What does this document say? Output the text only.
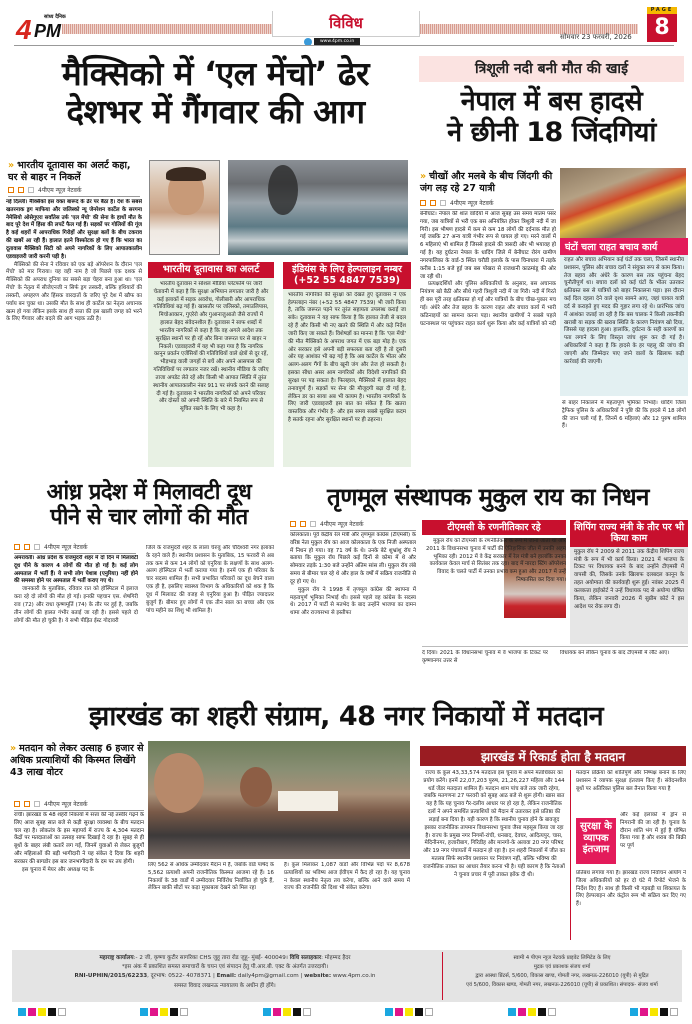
सांध्य दैनिक
4 PM	विविध
www.4pm.co.in
सोमवार 23 फरवरी, 2026
PAGE
8
मैक्सिको में ‘एल मेंचो’ ढेर
देशभर में गैंगवार की आग
» भारतीय दूतावास का अलर्ट कहा, घर से बाहर न निकलें
4पीएम न्यूज़ नेटवर्क

नई दिल्ली। मैक्सिको इस वक्त बारूद के ढेर पर बैठा है। देश के सबसे खतरनाक ड्रग माफिया और जलिस्को न्यू जेनरेशन कार्टेल के सरगना नेमेसियो ओसेगुएरा सर्वांतेस उर्फ 'एल मेंचो' की सेना के हाथों मौत के बाद पूरे देश में हिंसा की लपटें फैल गई हैं। सड़कों पर गोलियों की गूंज है कई शहरों में आपराधिक गिरोहों और सुरक्षा बलों के बीच टकराव की खबरें आ रही हैं। हालात इतने विस्फोटक हो गए हैं कि भारत का दूतावास मैक्सिको सिटी को अपने नागरिकों के लिए आपातकालीन एडवाइजरी जारी करनी पड़ी है।

मैक्सिको की सेना ने रविवार को एक बड़े ऑपरेशन के दौरान 'एल मेंचो' को मार गिराया। यह वही नाम है जो पिछले एक दशक से मैक्सिको की अपराध दुनिया का सबसे बड़ा चेहरा बना हुआ था। 'एल मेंचो' के नेतृत्व में सीजेएनजी न सिर्फ ड्रग तस्करी, बल्कि हथियारों की तस्करी, अपहरण और हिंसक वारदातों के जरिए पूरे देश में खौफ का पर्याय बन चुका था। उसकी मौत के साथ ही कार्टेल का नेतृत्व अचानक खत्म हो गया लेकिन इसके साथ ही सत्ता की इस खाली जगह को भरने के लिए गैंगवार और बदले की आग भड़क उठी है।

भारतीय दूतावास का अलर्ट
भारतीय दूतावास ने सोशल मीडिया प्लेटफॉर्म पर जारी चेतावनी में कहा है कि सुरक्षा अभियान लगातार जारी है और कई इलाकों में सड़क अवरोध, गोलीबारी और आपराधिक गतिविधियां बढ़ गई हैं। खासतौर पर जलिस्को, तमाउलिपास, मिचोआकान, गुएरेरो और गुआनाजुआतो जैसे राज्यों में हालात बेहद संवेदनशील हैं। दूतावास ने साफ शब्दों में भारतीय नागरिकों से कहा है कि वह अगले आदेश तक सुरक्षित स्थानों पर ही रहें और बिना जरूरत घर से बाहर न निकलें। एडवाइजरी में यह भी कहा गया है कि नागरिक कानून प्रवर्तन एजेंसियों की गतिविधियों वाले क्षेत्रों से दूर रहें, भीड़भाड़ वाली जगहों से बचें और अपने आसपास की गतिविधियों पर लगातार नजर रखें। स्थानीय मीडिया के जरिए ताजा अपडेट लेते रहें और किसी भी आपात स्थिति में तुरंत स्थानीय आपातकालीन नंबर 911 पर संपर्क करने की सलाह दी गई है। दूतावास ने भारतीय नागरिकों को अपने परिवार और दोस्तों को अपनी स्थिति के बारे में नियमित रूप से सूचित रखने के लिए भी कहा है।
इंडियंस के लिए हेल्पलाइन नम्बर (+52 55 4847 7539)
भारतीय नागरिकों की सुरक्षा को देखते हुए दूतावास ने एक हेल्पलाइन नंबर (+52 55 4847 7539) भी जारी किया है, ताकि जरूरत पड़ने पर तुरंत सहायता उपलब्ध कराई जा सके। दूतावास ने यह साफ किया है कि हालात तेजी से बदल रहे हैं और किसी भी नए खतरे की स्थिति में और कड़े निर्देश जारी किए जा सकते हैं। विशेषज्ञों का मानना है कि 'एल मेंचो' की मौत मैक्सिको के अपराध जगत में एक बड़ा मोड़ है। एक ओर सरकार इसे अपनी बड़ी सफलता बता रही है तो दूसरी ओर यह आशंका भी बढ़ गई है कि अब कार्टेल के भीतर और अलग-अलग गैंगों के बीच खूनी जंग और तेज हो सकती है। इसका सीधा असर आम नागरिकों और विदेशी नागरिकों की सुरक्षा पर पड़ सकता है। फिलहाल, मैक्सिको में हालात बेहद तनावपूर्ण हैं। सड़कों पर सेना की मौजूदगी बढ़ा दी गई है, लेकिन डर का साया अब भी कायम है। भारतीय नागरिकों के लिए जारी एडवाइजरी इस बात का संकेत है कि खतरा वास्तविक और गंभीर है- और इस समय सबसे सुरक्षित कदम है सतर्क रहना और सुरक्षित स्थानों पर ही ठहरना।
त्रिशूली नदी बनी मौत की खाई
नेपाल में बस हादसे
ने छीनी 18 जिंदगियां
» चीखों और मलबे के बीच जिंदगी की जंग लड़ रहे 27 यात्री
4पीएम न्यूज़ नेटवर्क

बेनीघाट। नेपाल की शांत वादियों में आज सुबह उस समय मातम पसर गया, जब यात्रियों से भरी एक बस अनियंत्रित होकर त्रिशूली नदी में जा गिरी। इस भीषण हादसे में कम से कम 18 लोगों की दर्दनाक मौत हो गई जबकि 27 अन्य यात्री गंभीर रूप से घायल हो गए। मरने वालों में 6 महिलाएं भी शामिल हैं जिससे हादसे की त्रासदी और भी भयावह हो गई है। यह दुर्घटना नेपाल के धादिंग जिले में बेनीघाट रोरंग ग्रामीण नगरपालिका के वार्ड-3 स्थित चरौडी इलाके के पास चिनाधारा में तड़के करीब 1:15 बजे हुई जब बस पोखरा से राजधानी काठमांडू की ओर जा रही थी।

प्रत्यक्षदर्शियों और पुलिस अधिकारियों के अनुसार, बस अचानक नियंत्रण खो बैठी और सीधे गहरी त्रिशूली नदी में जा गिरी। नदी में गिरते ही बस पूरी तरह क्षतिग्रस्त हो गई और यात्रियों के बीच चीख-पुकार मच गई। अंधेरे और तेज बहाव के कारण राहत और बचाव कार्य में भारी कठिनाइयों का सामना करना पड़ा। स्थानीय ग्रामीणों ने सबसे पहले घटनास्थल पर पहुंचकर राहत कार्य शुरू किया और कई यात्रियों को नदी

घंटों चला राहत बचाव कार्य
राहत और बचाव अभियान कई घंटों तक चला, जिसमें स्थानीय प्रशासन, पुलिस और बचाव दलों ने संयुक्त रूप से काम किया। तेज बहाव और अंधेरे के कारण बस तक पहुंचना बेहद चुनौतीपूर्ण था। बचाव दलों को कई घंटों के भीतर उतरकर क्षतिग्रस्त बस से यात्रियों को बाहर निकालना पड़ा। इस दौरान कई दिल दहला देने वाले दृश्य सामने आए, जहां घायल यात्री दर्द से कराहते हुए मदद की गुहार लगा रहे थे। प्रारंभिक जांच में आशंका जताई जा रही है कि बस चालक ने किसी तकनीकी खराबी या सड़क की खराब स्थिति के कारण नियंत्रण खो दिया, जिससे यह हादसा हुआ। हालांकि, दुर्घटना के सही कारणों का पता लगाने के लिए विस्तृत जांच शुरू कर दी गई है। अधिकारियों ने कहा है कि हादसे के हर पहलू की जांच की जाएगी और जिम्मेदार पाए जाने वालों के खिलाफ कड़ी कार्रवाई की जाएगी।

से बाहर निकालने में महत्वपूर्ण भूमिका निभाई। धादिंग जिला ट्रैफिक पुलिस के अधिकारियों ने पुष्टि की कि हादसे में 18 लोगों की जान चली गई है, जिनमें 6 महिलाएं और 12 पुरुष शामिल हैं।

आंध्र प्रदेश में मिलावटी दूध
पीने से चार लोगों की मौत
4पीएम न्यूज़ नेटवर्क

अमरावती। आंध्र प्रदेश के राजमुंदरी शहर में दो दिन में मिलावटी दूध पीने के कारण 4 लोगों की मौत हो गई है। कई लोग अस्पताल में भर्ती हैं। ये सभी लोग पेशाब (एनुरिया) नहीं होने की समस्या होने पर अस्पताल में भर्ती कराए गए थे।

जानकारी के मुताबिक, रविवार रात को हॉस्पिटल में इलाज करा रहे दो लोगों की मौत हो गई। इनकी पहचान एस. शेषगिरी राव (72) और राधा कृष्णमूर्ति (74) के तौर पर हुई है, जबकि तीन लोगों की हालत गंभीर बताई जा रही है। इससे पहले दो लोगों की मौत हो चुकी है। ये सभी पीड़ित ईस्ट गोदावरी

जिले के राजमुंदरी शहर के लाला चेरुवु और चौदेश्वरी नगर इलाकों के रहने वाले हैं। स्थानीय प्रशासन के मुताबिक, 15 फरवरी से अब तक कम से कम 14 लोगों को एनुरिया के लक्षणों के साथ अलग-अलग हॉस्पिटल में भर्ती कराया गया है। इनमें एक ही परिवार के चार सदस्य शामिल हैं। सभी प्रभावित परिवारों का दूध बेचने वाला एक ही है, इसलिए स्वास्थ्य विभाग के अधिकारियों को शक है कि दूध में मिलावट की वजह से एनुरिया हुआ है। पीड़ित ज्यादातर बुजुर्ग हैं। बीमार हुए लोगों में एक तीन साल का बच्चा और एक पांच महीने का शिशु भी शामिल है।

तृणमूल संस्थापक मुकुल राय का निधन
4पीएम न्यूज़ नेटवर्क

कोलकाता। पूर्व केंद्रीय रेल मंत्री और तृणमूल कांग्रेस (टीएमसी) के वरिष्ठ नेता मुकुल रॉय का आज कोलकाता के एक निजी अस्पताल में निधन हो गया। वह 71 वर्ष के थे। उनके बेटे शुभ्रांशु रॉय ने बताया कि मुकुल रॉय पिछले कई दिनों से कोमा में थे और सोमवार तड़के 1:30 बजे उन्होंने अंतिम सांस ली। मुकुल रॉय लंबे समय से बीमार चल रहे थे और हाल के वर्षों में सक्रिय राजनीति से दूर हो गए थे।

मुकुल रॉय ने 1998 में तृणमूल कांग्रेस की स्थापना में महत्वपूर्ण भूमिका निभाई थी। इससे पहले वह कांग्रेस के सदस्य थे। 2017 में पार्टी से मतभेद के बाद उन्होंने भाजपा का दामन थामा और राज्यसभा से इस्तीफा

टीएमसी के रणनीतिकार रहे
मुकुल रॉय को टीएमसी के रणनीतिकार के रूप में जाना जाता था और 2011 के विधानसभा चुनाव में पार्टी की ऐतिहासिक जीत में उनकी अहम भूमिका रही। 2012 में वे केंद्र सरकार में रेल मंत्री बने हालांकि उनका कार्यकाल केवल मार्च से सितंबर तक रहा। बाद में नारदा स्टिंग ऑपरेशन विवाद के चलते पार्टी में उनका प्रभाव कम हुआ और 2017 में उन्हें निष्कासित कर दिया गया।
शिपिंग राज्य मंत्री के तौर पर भी किया काम
मुकुल रॉय ने 2009 से 2011 तक केंद्रीय शिपिंग राज्य मंत्री के रूप में भी कार्य किया। 2021 में भाजपा के टिकट पर विधायक बनने के बाद उन्होंने टीएमसी में वापसी की, जिसके उनके खिलाफ दलबदल कानून के तहत अयोग्यता की कार्यवाही शुरू हुई। नवंबर 2025 में कलकत्ता हाईकोर्ट ने उन्हें विधायक पद से अयोग्य घोषित किया, लेकिन जनवरी 2026 में सुप्रीम कोर्ट ने इस आदेश पर रोक लगा दी।

दे दिया। 2021 के विधानसभा चुनाव में वे भाजपा के टिकट पर कृष्णानगर उत्तर से

विधायक बने लेकिन चुनाव के बाद टीएमसी में लौट आए।

झारखंड का शहरी संग्राम, 48 नगर निकायों में मतदान
» मतदान को लेकर उत्साह 6 हजार से अधिक प्रत्याशियों की किस्मत लिखेंगे 43 लाख वोटर
4पीएम न्यूज़ नेटवर्क

रांची। झारखंड के 48 शहरी निकायों में सत्ता की नई तस्वीर गढ़ने के लिए आज सुबह सात बजे से कड़ी सुरक्षा व्यवस्था के बीच मतदान चल रहा है। लोकतंत्र के इस महापर्व में राज्य के 4,304 मतदान केंद्रों पर मतदाताओं का उत्साह साफ दिखाई दे रहा है। सुबह से ही बूथों के बाहर लंबी कतारें लग गईं, जिनमें युवाओं से लेकर बुजुर्गों और महिलाओं की बड़ी भागीदारी ने यह संकेत दे दिया कि शहरी सरकार की बागडोर इस बार जनभागीदारी के दम पर तय होगी।

इस चुनाव में मेयर और अध्यक्ष पद के

लिए 562 से अधिक उम्मीदवार मैदान में हैं, जबकि वार्ड पार्षद के 5,562 प्रत्याशी अपनी राजनीतिक किस्मत आजमा रहे हैं। 16 निकायों के 38 वार्डों में उम्मीदवार निर्विरोध निर्वाचित हो चुके हैं, लेकिन बाकी सीटों पर कड़ा मुकाबला देखने को मिल रहा

है। कुल मिलाकर 1,087 वार्डों और विभिन्न पदों पर 8,678 प्रत्याशियों का भविष्य आज ईवीएम में कैद हो रहा है। यह चुनाव न केवल स्थानीय नेतृत्व तय करेगा, बल्कि आने वाले समय में राज्य की राजनीति की दिशा भी संकेत करेगा।

झारखंड में रिकार्ड होता है मतदान

राज्य के कुल 43,33,574 मतदाता इस चुनाव में अपने मताधिकार का प्रयोग करेंगे। इनमें 22,07,203 पुरुष, 21,26,227 महिला और 144 थर्ड जेंडर मतदाता शामिल हैं। मतदान शाम पांच बजे तक जारी रहेगा, जबकि मतगणना 27 फरवरी को सुबह आठ बजे से शुरू होगी। खास बात यह है कि यह चुनाव गैर-दलीय आधार पर हो रहा है, लेकिन राजनीतिक दलों ने अपने समर्थित प्रत्याशियों को मैदान में उतारकर इसे प्रतिष्ठा की लड़ाई बना दिया है। यही कारण है कि स्थानीय चुनाव होने के बावजूद इसका राजनीतिक तापमान विधानसभा चुनाव जैसा महसूस किया जा रहा है। राज्य के प्रमुख नगर निगमों-रांची, धनबाद, देवघर, आदित्यपुर, चास, मेदिनीनगर, हजारीबाग, गिरिडीह और मानगो-के अलावा 20 नगर परिषद और 19 नगर पंचायतों में मतदान हो रहा है। इन शहरी निकायों में जीत का मतलब सिर्फ स्थानीय प्रशासन पर नियंत्रण नहीं, बल्कि भविष्य की राजनीतिक ताकत का आधार तैयार करना भी है। यही कारण है कि नेताओं ने चुनाव प्रचार में पूरी ताकत झोंक दी थी।

मतदान प्रक्रिया को शांतिपूर्ण और निष्पक्ष बनाने के लिए प्रशासन ने व्यापक सुरक्षा इंतजाम किए हैं। संवेदनशील बूथों पर अतिरिक्त पुलिस बल तैनात किया गया है

सुरक्षा के व्यापक इंतजाम

और कई इलाकों में ड्रोन से निगरानी की जा रही है। चुनाव के दौरान शांति भंग में हुई है घोषित किया गया है और शराब की बिक्री पर पूर्ण

प्रतिबंध लगाया गया है। झारखंड राज्य निर्वाचन आयोग ने जिला अधिकारियों को हर दो घंटे में रिपोर्ट भेजने के निर्देश दिए हैं। साथ ही किसी भी गड़बड़ी या शिकायत के लिए हेल्पलाइन और कंट्रोल रूम भी सक्रिय कर दिए गए हैं।

महाराष्ट्र कार्यालय:- 2 जी, कृष्णा कुटीर सागरिका CHS जुहू तारा रोड जुहू- मुंबई- 400049। विधि सलाहकार: मोहम्मद हैदर
*इस अंक में प्रकाशित समस्त समाचारों के चयन एवं संपादन हेतु पी.आर.बी. एक्ट के अंतर्गत उत्तरदायी।
RNI-UPHIN/2015/62233, दूरभाष: 0522- 4078371 | Email: daily4pm@gmail.com | website: www.4pm.co.in
समस्त विवाद लखनऊ न्यायालय के अधीन ही होंगे।
स्वामी 4 पीएम न्यूज नेटवर्क प्राइवेट लिमिटेड के लिए
मुद्रक एवं प्रकाशक संजय शर्मा
द्वारा आस्था प्रिंटर्स, 5/600, विकास खण्ड, गोमती नगर, लखनऊ-226010 (यूपी) से मुद्रित
एवं 5/600, विकास खण्ड, गोमती नगर, लखनऊ-226010 (यूपी) से प्रकाशित। संपादक- संजय शर्मा
